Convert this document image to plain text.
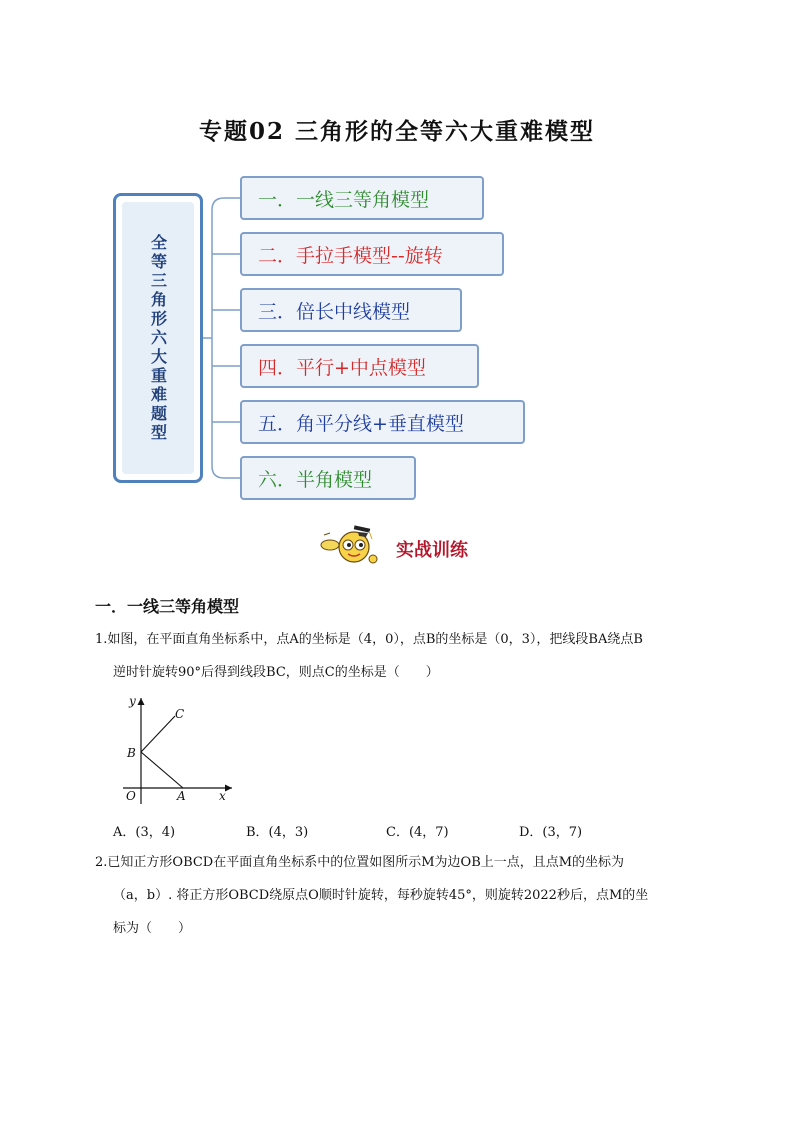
专题02 三角形的全等六大重难模型
全等三角形六大重难题型
一．一线三等角模型
二．手拉手模型--旋转
三．倍长中线模型
四．平行+中点模型
五．角平分线+垂直模型
六．半角模型
实战训练
一．一线三等角模型
1.如图，在平面直角坐标系中，点A的坐标是（4，0），点B的坐标是（0，3），把线段BA绕点B
逆时针旋转90°后得到线段BC，则点C的坐标是（　　）
y
x
O	A
B
C
A．(3，4)	B．(4，3)	C．(4，7)	D．(3，7)
2.已知正方形OBCD在平面直角坐标系中的位置如图所示M为边OB上一点，且点M的坐标为
（a，b）. 将正方形OBCD绕原点O顺时针旋转，每秒旋转45°，则旋转2022秒后，点M的坐
标为（　　）
